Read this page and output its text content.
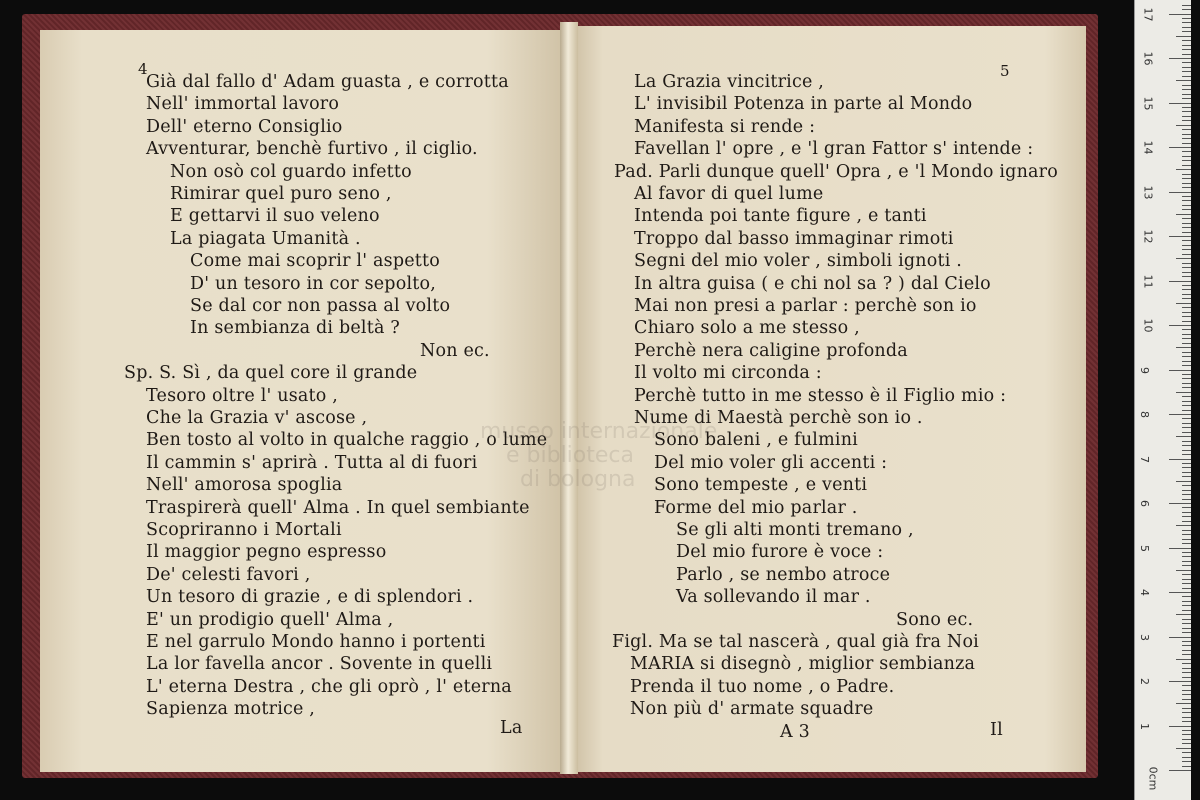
museo internazionale
e biblioteca
di bologna
4
Già dal fallo d' Adam guasta , e corrotta
Nell' immortal lavoro
Dell' eterno Consiglio
Avventurar, benchè furtivo , il ciglio.
Non osò col guardo infetto
Rimirar quel puro seno ,
E gettarvi il suo veleno
La piagata Umanità .
Come mai scoprir l' aspetto
D' un tesoro in cor sepolto,
Se dal cor non passa al volto
In sembianza di beltà ?
Non ec.
Sp. S. Sì , da quel core il grande
Tesoro oltre l' usato ,
Che la Grazia v' ascose ,
Ben tosto al volto in qualche raggio , o lume
Il cammin s' aprirà . Tutta al di fuori
Nell' amorosa spoglia
Traspirerà quell' Alma . In quel sembiante
Scopriranno i Mortali
Il maggior pegno espresso
De' celesti favori ,
Un tesoro di grazie , e di splendori .
E' un prodigio quell' Alma ,
E nel garrulo Mondo hanno i portenti
La lor favella ancor . Sovente in quelli
L' eterna Destra , che gli oprò , l' eterna
Sapienza motrice ,
La
5
La Grazia vincitrice ,
L' invisibil Potenza in parte al Mondo
Manifesta si rende :
Favellan l' opre , e 'l gran Fattor s' intende :
Pad. Parli dunque quell' Opra , e 'l Mondo ignaro
Al favor di quel lume
Intenda poi tante figure , e tanti
Troppo dal basso immaginar rimoti
Segni del mio voler , simboli ignoti .
In altra guisa ( e chi nol sa ? ) dal Cielo
Mai non presi a parlar : perchè son io
Chiaro solo a me stesso ,
Perchè nera caligine profonda
Il volto mi circonda :
Perchè tutto in me stesso è il Figlio mio :
Nume di Maestà perchè son io .
Sono baleni , e fulmini
Del mio voler gli accenti :
Sono tempeste , e venti
Forme del mio parlar .
Se gli alti monti tremano ,
Del mio furore è voce :
Parlo , se nembo atroce
Va sollevando il mar .
Sono ec.
Figl. Ma se tal nascerà , qual già fra Noi
MARIA si disegnò , miglior sembianza
Prenda il tuo nome , o Padre.
Non più d' armate squadre
A 3	Il
0cm
1
2
3
4
5
6
7
8
9
10
11
12
13
14
15
16
17
